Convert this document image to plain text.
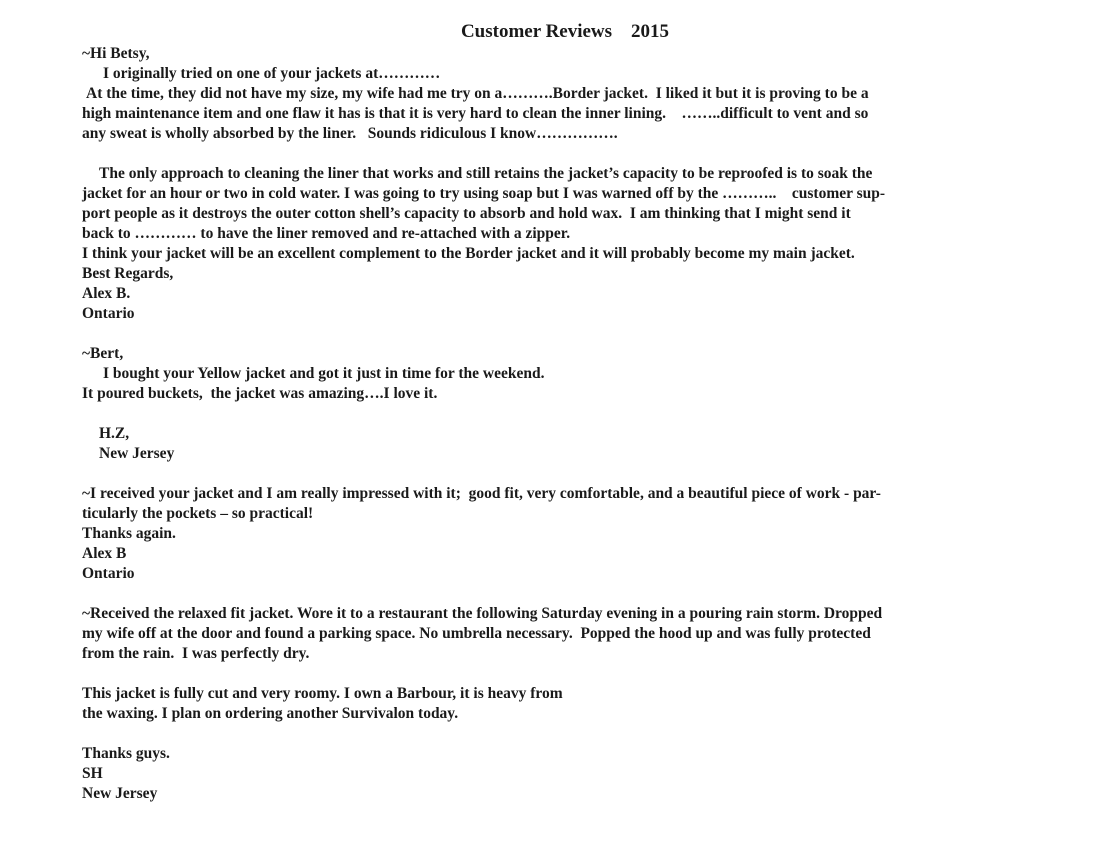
Customer Reviews    2015
~Hi Betsy,
I originally tried on one of your jackets at…………
At the time, they did not have my size, my wife had me try on a……….Border jacket.  I liked it but it is proving to be a
high maintenance item and one flaw it has is that it is very hard to clean the inner lining.    ……..difficult to vent and so
any sweat is wholly absorbed by the liner.   Sounds ridiculous I know…………….
The only approach to cleaning the liner that works and still retains the jacket’s capacity to be reproofed is to soak the
jacket for an hour or two in cold water. I was going to try using soap but I was warned off by the ………..    customer sup-
port people as it destroys the outer cotton shell’s capacity to absorb and hold wax.  I am thinking that I might send it
back to ………… to have the liner removed and re-attached with a zipper.
I think your jacket will be an excellent complement to the Border jacket and it will probably become my main jacket.
Best Regards,
Alex B.
Ontario
~Bert,
I bought your Yellow jacket and got it just in time for the weekend.
It poured buckets,  the jacket was amazing….I love it.
H.Z,
New Jersey
~I received your jacket and I am really impressed with it;  good fit, very comfortable, and a beautiful piece of work - par-
ticularly the pockets – so practical!
Thanks again.
Alex B
Ontario
~Received the relaxed fit jacket. Wore it to a restaurant the following Saturday evening in a pouring rain storm. Dropped
my wife off at the door and found a parking space. No umbrella necessary.  Popped the hood up and was fully protected
from the rain.  I was perfectly dry.
This jacket is fully cut and very roomy. I own a Barbour, it is heavy from
the waxing. I plan on ordering another Survivalon today.
Thanks guys.
SH
New Jersey
